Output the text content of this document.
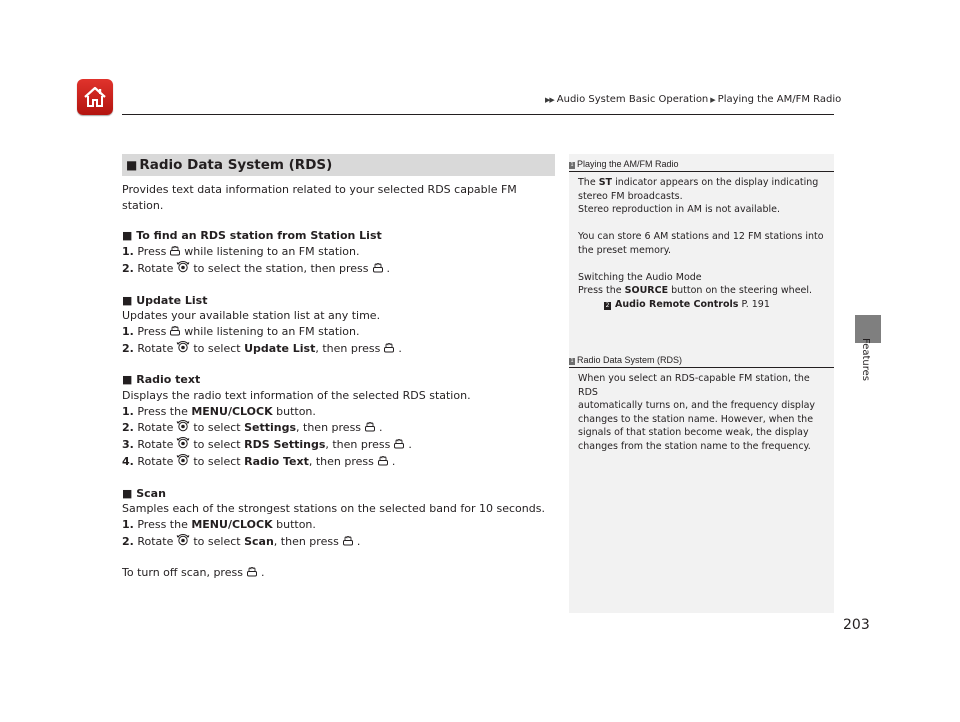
▶▶ Audio System Basic Operation ▶ Playing the AM/FM Radio
Features
■ Radio Data System (RDS)

Provides text data information related to your selected RDS capable FM station.

■ To find an RDS station from Station List

1. Press while listening to an FM station.

2. Rotate to select the station, then press .

■ Update List

Updates your available station list at any time.

1. Press while listening to an FM station.

2. Rotate to select Update List, then press .

■ Radio text

Displays the radio text information of the selected RDS station.

1. Press the MENU/CLOCK button.

2. Rotate to select Settings, then press .

3. Rotate to select RDS Settings, then press .

4. Rotate to select Radio Text, then press .

■ Scan

Samples each of the strongest stations on the selected band for 10 seconds.

1. Press the MENU/CLOCK button.

2. Rotate to select Scan, then press .

To turn off scan, press .

1 Playing the AM/FM Radio

The ST indicator appears on the display indicating

stereo FM broadcasts.

Stereo reproduction in AM is not available.

You can store 6 AM stations and 12 FM stations into

the preset memory.

Switching the Audio Mode

Press the SOURCE button on the steering wheel.

2 Audio Remote Controls P. 191

1 Radio Data System (RDS)

When you select an RDS-capable FM station, the RDS

automatically turns on, and the frequency display

changes to the station name. However, when the

signals of that station become weak, the display

changes from the station name to the frequency.

203
